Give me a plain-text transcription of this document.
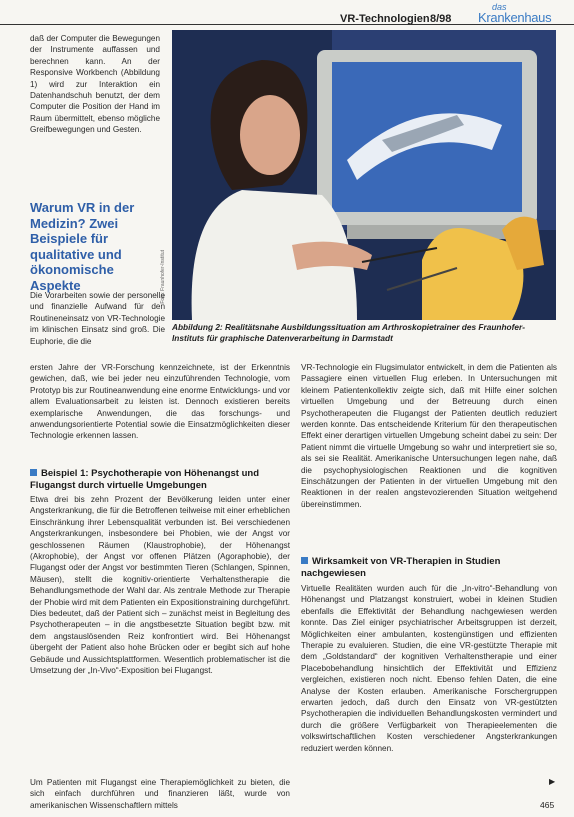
VR-Technologien 8/98
das
Krankenhaus
daß der Computer die Bewegungen der Instrumente auffassen und berechnen kann. An der Responsive Workbench (Abbildung 1) wird zur Interaktion ein Datenhandschuh benutzt, der dem Computer die Position der Hand im Raum übermittelt, ebenso mögliche Greifbewegungen und Gesten.
Foto: Fraunhofer-Institut
Abbildung 2: Realitätsnahe Ausbildungssituation am Arthroskopietrainer des Fraunhofer-Instituts für graphische Datenverarbeitung in Darmstadt
Warum VR in der Medizin? Zwei Beispiele für qualitative und ökonomische Aspekte
Die Vorarbeiten sowie der personelle und finanzielle Aufwand für den Routineneinsatz von VR-Technologie im klinischen Einsatz sind groß. Die Euphorie, die die
ersten Jahre der VR-Forschung kennzeichnete, ist der Erkenntnis gewichen, daß, wie bei jeder neu einzuführenden Technologie, vom Prototyp bis zur Routineanwendung eine enorme Entwicklungs- und vor allem Evaluationsarbeit zu leisten ist. Dennoch existieren bereits exemplarische Anwendungen, die das forschungs- und anwendungsorientierte Potential sowie die Einsatzmöglichkeiten dieser Technologie erkennen lassen.
Beispiel 1: Psychotherapie von Höhenangst und Flugangst durch virtuelle Umgebungen
Etwa drei bis zehn Prozent der Bevölkerung leiden unter einer Angsterkrankung, die für die Betroffenen teilweise mit einer erheblichen Einschränkung ihrer Lebensqualität verbunden ist. Bei verschiedenen Angsterkrankungen, insbesondere bei Phobien, wie der Angst vor geschlossenen Räumen (Klaustrophobie), der Höhenangst (Akrophobie), der Angst vor offenen Plätzen (Agoraphobie), der Flugangst oder der Angst vor bestimmten Tieren (Schlangen, Spinnen, Mäusen), stellt die kognitiv-orientierte Verhaltenstherapie die Behandlungsmethode der Wahl dar. Als zentrale Methode zur Therapie der Phobie wird mit dem Patienten ein Expositionstraining durchgeführt. Dies bedeutet, daß der Patient sich – zunächst meist in Begleitung des Psychotherapeuten – in die angstbesetzte Situation begibt bzw. mit dem angstauslösenden Reiz konfrontiert wird. Bei Höhenangst übergeht der Patient also hohe Brücken oder er begibt sich auf hohe Gebäude und Aussichtsplattformen. Wesentlich problematischer ist die Umsetzung der „In-Vivo“-Exposition bei Flugangst.
Um Patienten mit Flugangst eine Therapiemöglichkeit zu bieten, die sich einfach durchführen und finanzieren läßt, wurde von amerikanischen Wissenschaftlern mittels
VR-Technologie ein Flugsimulator entwickelt, in dem die Patienten als Passagiere einen virtuellen Flug erleben. In Untersuchungen mit kleinem Patientenkollektiv zeigte sich, daß mit Hilfe einer solchen virtuellen Umgebung und der Betreuung durch einen Psychotherapeuten die Flugangst der Patienten deutlich reduziert werden konnte. Das entscheidende Kriterium für den therapeutischen Effekt einer derartigen virtuellen Umgebung scheint dabei zu sein: Der Patient nimmt die virtuelle Umgebung so wahr und interpretiert sie so, als sei sie Realität. Amerikanische Untersuchungen legen nahe, daß die psychophysiologischen Reaktionen und die kognitiven Einschätzungen der Patienten in der virtuellen Umgebung mit den Reaktionen in der realen angstevozierenden Situation weitgehend übereinstimmen.
Wirksamkeit von VR-Therapien in Studien nachgewiesen
Virtuelle Realitäten wurden auch für die „In-vitro“-Behandlung von Höhenangst und Platzangst konstruiert, wobei in kleinen Studien ebenfalls die Effektivität der Behandlung nachgewiesen werden konnte. Das Ziel einiger psychiatrischer Arbeitsgruppen ist derzeit, Möglichkeiten einer ambulanten, kostengünstigen und effizienten Therapie zu evaluieren. Studien, die eine VR-gestützte Therapie mit dem „Goldstandard“ der kognitiven Verhaltenstherapie und einer Placebobehandlung hinsichtlich der Effektivität und Effizienz vergleichen, existieren noch nicht. Ebenso fehlen Daten, die eine Analyse der Kosten erlauben. Amerikanische Forschergruppen erwarten jedoch, daß durch den Einsatz von VR-gestützten Psychotherapien die individuellen Behandlungskosten vermindert und durch die größere Verfügbarkeit von Therapieelementen die volkswirtschaftlichen Kosten verschiedener Angsterkrankungen reduziert werden können.
▶
465
